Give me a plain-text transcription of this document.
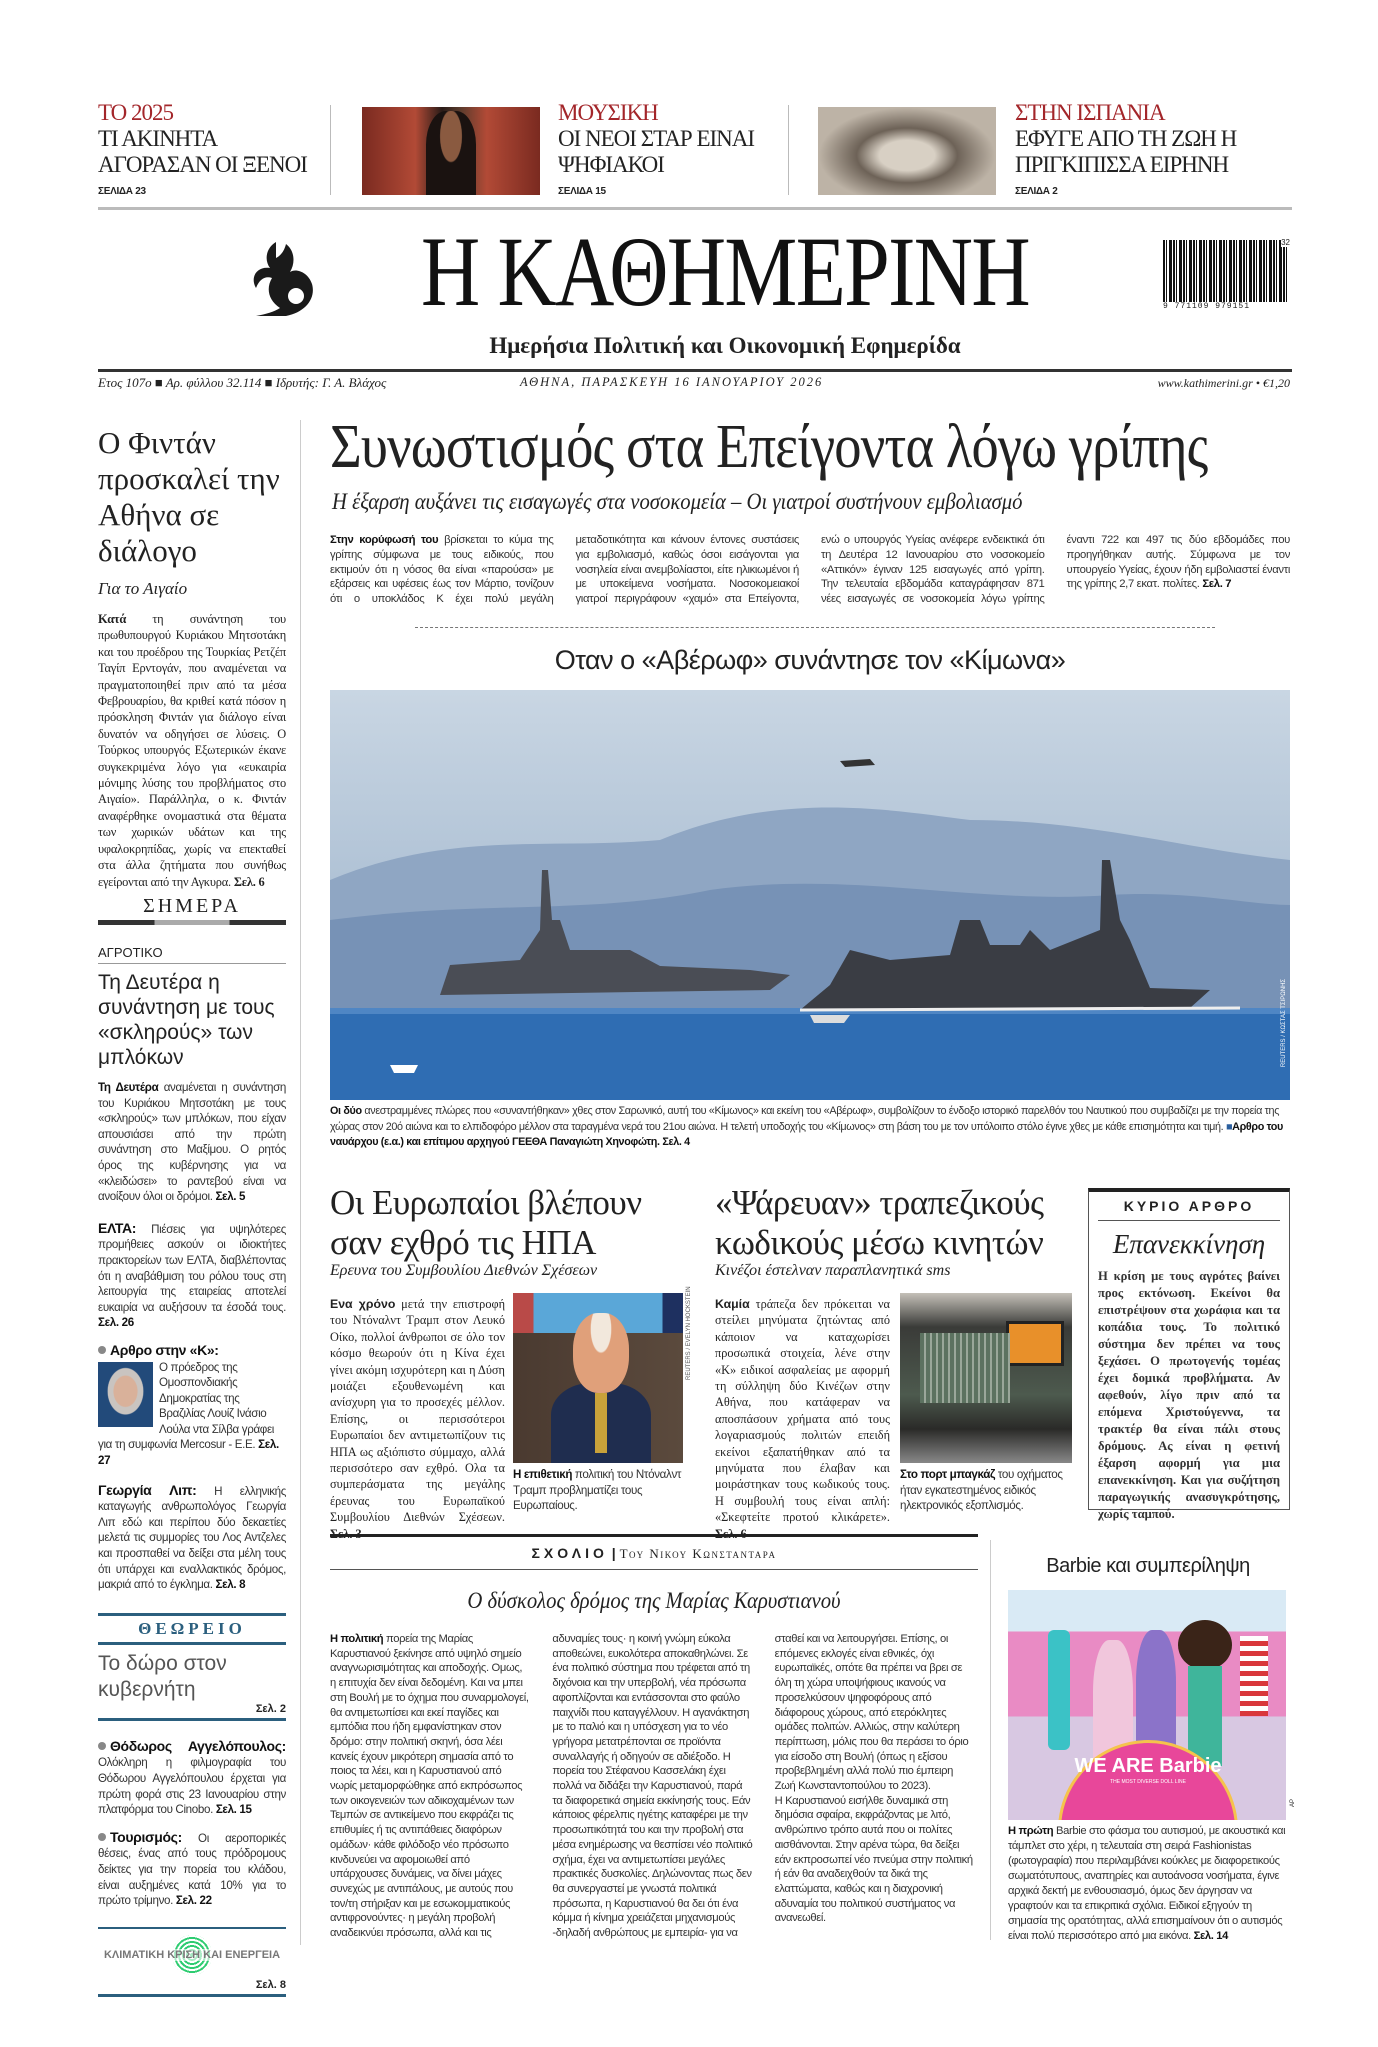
ΤΟ 2025
ΤΙ ΑΚΙΝΗΤΑ ΑΓΟΡΑΣΑΝ ΟΙ ΞΕΝΟΙ
ΣΕΛΙΔΑ 23
ΜΟΥΣΙΚΗ
ΟΙ ΝΕΟΙ ΣΤΑΡ ΕΙΝΑΙ ΨΗΦΙΑΚΟΙ
ΣΕΛΙΔΑ 15
ΣΤΗΝ ΙΣΠΑΝΙΑ
ΕΦΥΓΕ ΑΠΟ ΤΗ ΖΩΗ Η ΠΡΙΓΚΙΠΙΣΣΑ ΕΙΡΗΝΗ
ΣΕΛΙΔΑ 2
Η ΚΑΘΗΜΕΡΙΝΗ	9 771109 979151
32
Ημερήσια Πολιτική και Οικονομική Εφημερίδα
Eτος 107ο ■ Αρ. φύλλου 32.114 ■ Ιδρυτής: Γ. Α. Βλάχος	ΑΘΗΝΑ, ΠΑΡΑΣΚΕΥΗ 16 ΙΑΝΟΥΑΡΙΟΥ 2026	www.kathimerini.gr • €1,20
Ο Φιντάν προσκαλεί την Αθήνα σε διάλογο
Για το Αιγαίο

Κατά τη συνάντηση του πρωθυπουργού Κυριάκου Μητσοτάκη και του προέδρου της Τουρκίας Ρετζέπ Ταγίπ Ερντογάν, που αναμένεται να πραγματοποιηθεί πριν από τα μέσα Φεβρουαρίου, θα κριθεί κατά πόσον η πρόσκληση Φιντάν για διάλογο είναι δυνατόν να οδηγήσει σε λύσεις. Ο Τούρκος υπουργός Εξωτερικών έκανε συγκεκριμένα λόγο για «ευκαιρία μόνιμης λύσης του προβλήματος στο Αιγαίο». Παράλληλα, ο κ. Φιντάν αναφέρθηκε ονομαστικά στα θέματα των χωρικών υδάτων και της υφαλοκρηπίδας, χωρίς να επεκταθεί στα άλλα ζητήματα που συνήθως εγείρονται από την Αγκυρα. Σελ. 6

ΣΗΜΕΡΑ
ΑΓΡΟΤΙΚΟ
Τη Δευτέρα η συνάντηση με τους «σκληρούς» των μπλόκων

Τη Δευτέρα αναμένεται η συνάντηση του Κυριάκου Μητσοτάκη με τους «σκληρούς» των μπλόκων, που είχαν απουσιάσει από την πρώτη συνάντηση στο Μαξίμου. Ο ρητός όρος της κυβέρνησης για να «κλειδώσει» το ραντεβού είναι να ανοίξουν όλοι οι δρόμοι. Σελ. 5

ΕΛΤΑ: Πιέσεις για υψηλότερες προμήθειες ασκούν οι ιδιοκτήτες πρακτορείων των ΕΛΤΑ, διαβλέποντας ότι η αναβάθμιση του ρόλου τους στη λειτουργία της εταιρείας αποτελεί ευκαιρία να αυξήσουν τα έσοδά τους. Σελ. 26

Αρθρο στην «Κ»:

Ο πρόεδρος της Ομοσπονδιακής Δημοκρατίας της Βραζιλίας Λουίζ Ινάσιο Λούλα ντα Σίλβα γράφει για τη συμφωνία Mercosur - Ε.Ε. Σελ. 27

Γεωργία Λιπ: Η ελληνικής καταγωγής ανθρωπολόγος Γεωργία Λιπ εδώ και περίπου δύο δεκαετίες μελετά τις συμμορίες του Λος Αντζελες και προσπαθεί να δείξει στα μέλη τους ότι υπάρχει και εναλλακτικός δρόμος, μακριά από το έγκλημα. Σελ. 8

ΘΕΩΡΕΙΟ
Το δώρο στον κυβερνήτη
Σελ. 2

Θόδωρος Αγγελόπουλος: Ολόκληρη η φιλμογραφία του Θόδωρου Αγγελόπουλου έρχεται για πρώτη φορά στις 23 Ιανουαρίου στην πλατφόρμα του Cinobo. Σελ. 15

Τουρισμός: Οι αεροπορικές θέσεις, ένας από τους πρόδρομους δείκτες για την πορεία του κλάδου, είναι αυξημένες κατά 10% για το πρώτο τρίμηνο. Σελ. 22

ΚΛΙΜΑΤΙΚΗ ΚΡΙΣΗ ΚΑΙ ΕΝΕΡΓΕΙΑ
Σελ. 8
Συνωστισμός στα Επείγοντα λόγω γρίπης
Η έξαρση αυξάνει τις εισαγωγές στα νοσοκομεία – Οι γιατροί συστήνουν εμβολιασμό

Στην κορύφωσή του βρίσκεται το κύμα της γρίπης σύμφωνα με τους ειδικούς, που εκτιμούν ότι η νόσος θα είναι «παρούσα» με εξάρσεις και υφέσεις έως τον Μάρτιο, τονίζουν ότι ο υποκλάδος Κ έχει πολύ μεγάλη μεταδοτικότητα και κάνουν έντονες συστάσεις για εμβολιασμό, καθώς όσοι εισάγονται για νοσηλεία είναι ανεμβολίαστοι, είτε ηλικιωμένοι ή με υποκείμενα νοσήματα. Νοσοκομειακοί γιατροί περιγράφουν «χαμό» στα Επείγοντα, ενώ ο υπουργός Υγείας ανέφερε ενδεικτικά ότι τη Δευτέρα 12 Ιανουαρίου στο νοσοκομείο «Αττικόν» έγιναν 125 εισαγωγές από γρίπη. Την τελευταία εβδομάδα καταγράφησαν 871 νέες εισαγωγές σε νοσοκομεία λόγω γρίπης έναντι 722 και 497 τις δύο εβδομάδες που προηγήθηκαν αυτής. Σύμφωνα με τον υπουργείο Υγείας, έχουν ήδη εμβολιαστεί έναντι της γρίπης 2,7 εκατ. πολίτες. Σελ. 7

Οταν ο «Αβέρωφ» συνάντησε τον «Κίμωνα»
REUTERS / ΚΩΣΤΑΣ ΤΣΙΡΩΝΗΣ

Οι δύο ανεστραμμένες πλώρες που «συναντήθηκαν» χθες στον Σαρωνικό, αυτή του «Κίμωνος» και εκείνη του «Αβέρωφ», συμβολίζουν το ένδοξο ιστορικό παρελθόν του Ναυτικού που συμβαδίζει με την πορεία της χώρας στον 20ό αιώνα και το ελπιδοφόρο μέλλον στα ταραγμένα νερά του 21ου αιώνα. Η τελετή υποδοχής του «Κίμωνος» στη βάση του με τον υπόλοιπο στόλο έγινε χθες με κάθε επισημότητα και τιμή. ■Αρθρο του ναυάρχου (ε.α.) και επίτιμου αρχηγού ΓΕΕΘΑ Παναγιώτη Χηνοφώτη. Σελ. 4

Οι Ευρωπαίοι βλέπουν σαν εχθρό τις ΗΠΑ
Ερευνα του Συμβουλίου Διεθνών Σχέσεων

Ενα χρόνο μετά την επιστροφή του Ντόναλντ Τραμπ στον Λευκό Οίκο, πολλοί άνθρωποι σε όλο τον κόσμο θεωρούν ότι η Κίνα έχει γίνει ακόμη ισχυρότερη και η Δύση μοιάζει εξουθενωμένη και ανίσχυρη για το προσεχές μέλλον. Επίσης, οι περισσότεροι Ευρωπαίοι δεν αντιμετωπίζουν τις ΗΠΑ ως αξιόπιστο σύμμαχο, αλλά περισσότερο σαν εχθρό. Ολα τα συμπεράσματα της μεγάλης έρευνας του Ευρωπαϊκού Συμβουλίου Διεθνών Σχέσεων.

REUTERS / EVELYN HOCKSTEIN

Η επιθετική πολιτική του Ντόναλντ Τραμπ προβληματίζει τους Ευρωπαίους.

«Ψάρευαν» τραπεζικούς κωδικούς μέσω κινητών
Κινέζοι έστελναν παραπλανητικά sms

Καμία τράπεζα δεν πρόκειται να στείλει μηνύματα ζητώντας από κάποιον να καταχωρίσει προσωπικά στοιχεία, λένε στην «Κ» ειδικοί ασφαλείας με αφορμή τη σύλληψη δύο Κινέζων στην Αθήνα, που κατάφεραν να αποσπάσουν χρήματα από τους λογαριασμούς πολιτών επειδή εκείνοι εξαπατήθηκαν από τα μηνύματα που έλαβαν και μοιράστηκαν τους κωδικούς τους. Η συμβουλή τους είναι απλή: «Σκεφτείτε προτού κλικάρετε».

Στο πορτ μπαγκάζ του οχήματος ήταν εγκατεστημένος ειδικός ηλεκτρονικός εξοπλισμός.

ΚΥΡΙΟ ΑΡΘΡΟ
Επανεκκίνηση

Η κρίση με τους αγρότες βαίνει προς εκτόνωση. Εκείνοι θα επιστρέψουν στα χωράφια και τα κοπάδια τους. Το πολιτικό σύστημα δεν πρέπει να τους ξεχάσει. Ο πρωτογενής τομέας έχει δομικά προβλήματα. Αν αφεθούν, λίγο πριν από τα επόμενα Χριστούγεννα, τα τρακτέρ θα είναι πάλι στους δρόμους. Ας είναι η φετινή έξαρση αφορμή για μια επανεκκίνηση. Και για συζήτηση παραγωγικής ανασυγκρότησης, χωρίς ταμπού.

ΣΧΟΛΙΟ | Του Νικου Κωνστανταρα
Ο δύσκολος δρόμος της Μαρίας Καρυστιανού

Η πολιτική πορεία της Μαρίας Καρυστιανού ξεκίνησε από υψηλό σημείο αναγνωρισιμότητας και αποδοχής. Ομως, η επιτυχία δεν είναι δεδομένη. Και να μπει στη Βουλή με το όχημα που συναρμολογεί, θα αντιμετωπίσει και εκεί παγίδες και εμπόδια που ήδη εμφανίστηκαν στον δρόμο: στην πολιτική σκηνή, όσα λέει κανείς έχουν μικρότερη σημασία από το ποιος τα λέει, και η Καρυστιανού από νωρίς μεταμορφώθηκε από εκπρόσωπος των οικογενειών των αδικοχαμένων των Τεμπών σε αντικείμενο που εκφράζει τις επιθυμίες ή τις αντιπάθειες διαφόρων ομάδων· κάθε φιλόδοξο νέο πρόσωπο κινδυνεύει να αφομοιωθεί από υπάρχουσες δυνάμεις, να δίνει μάχες συνεχώς με αντιπάλους, με αυτούς που τον/τη στήριξαν και με εσωκομματικούς αντιφρονούντες· η μεγάλη προβολή αναδεικνύει πρόσωπα, αλλά και τις αδυναμίες τους· η κοινή γνώμη εύκολα αποθεώνει, ευκολότερα αποκαθηλώνει. Σε ένα πολιτικό σύστημα που τρέφεται από τη διχόνοια και την υπερβολή, νέα πρόσωπα αφοπλίζονται και εντάσσονται στο φαύλο παιχνίδι που καταγγέλλουν. Η αγανάκτηση με το παλιό και η υπόσχεση για το νέο γρήγορα μετατρέπονται σε προϊόντα συναλλαγής ή οδηγούν σε αδιέξοδο. Η πορεία του Στέφανου Κασσελάκη έχει πολλά να διδάξει την Καρυστιανού, παρά τα διαφορετικά σημεία εκκίνησής τους. Εάν κάποιος φέρελπις ηγέτης καταφέρει με την προσωπικότητά του και την προβολή στα μέσα ενημέρωσης να θεσπίσει νέο πολιτικό σχήμα, έχει να αντιμετωπίσει μεγάλες πρακτικές δυσκολίες. Δηλώνοντας πως δεν θα συνεργαστεί με γνωστά πολιτικά πρόσωπα, η Καρυστιανού θα δει ότι ένα κόμμα ή κίνημα χρειάζεται μηχανισμούς -δηλαδή ανθρώπους με εμπειρία- για να σταθεί και να λειτουργήσει. Επίσης, οι επόμενες εκλογές είναι εθνικές, όχι ευρωπαϊκές, οπότε θα πρέπει να βρει σε όλη τη χώρα υποψήφιους ικανούς να προσελκύσουν ψηφοφόρους από διάφορους χώρους, από ετερόκλητες ομάδες πολιτών. Αλλιώς, στην καλύτερη περίπτωση, μόλις που θα περάσει το όριο για είσοδο στη Βουλή (όπως η εξίσου προβεβλημένη αλλά πολύ πιο έμπειρη Ζωή Κωνσταντοπούλου το 2023).

Η Καρυστιανού εισήλθε δυναμικά στη δημόσια σφαίρα, εκφράζοντας με λιτό, ανθρώπινο τρόπο αυτά που οι πολίτες αισθάνονται. Στην αρένα τώρα, θα δείξει εάν εκπροσωπεί νέο πνεύμα στην πολιτική ή εάν θα αναδειχθούν τα δικά της ελαττώματα, καθώς και η διαχρονική αδυναμία του πολιτικού συστήματος να ανανεωθεί.

Barbie και συμπερίληψη
WE ARE Barbie
THE MOST DIVERSE DOLL LINE
AP

Η πρώτη Barbie στο φάσμα του αυτισμού, με ακουστικά και τάμπλετ στο χέρι, η τελευταία στη σειρά Fashionistas (φωτογραφία) που περιλαμβάνει κούκλες με διαφορετικούς σωματότυπους, αναπηρίες και αυτοάνοσα νοσήματα, έγινε αρχικά δεκτή με ενθουσιασμό, όμως δεν άργησαν να γραφτούν και τα επικριτικά σχόλια. Ειδικοί εξηγούν τη σημασία της ορατότητας, αλλά επισημαίνουν ότι ο αυτισμός είναι πολύ περισσότερο από μια εικόνα. Σελ. 14
